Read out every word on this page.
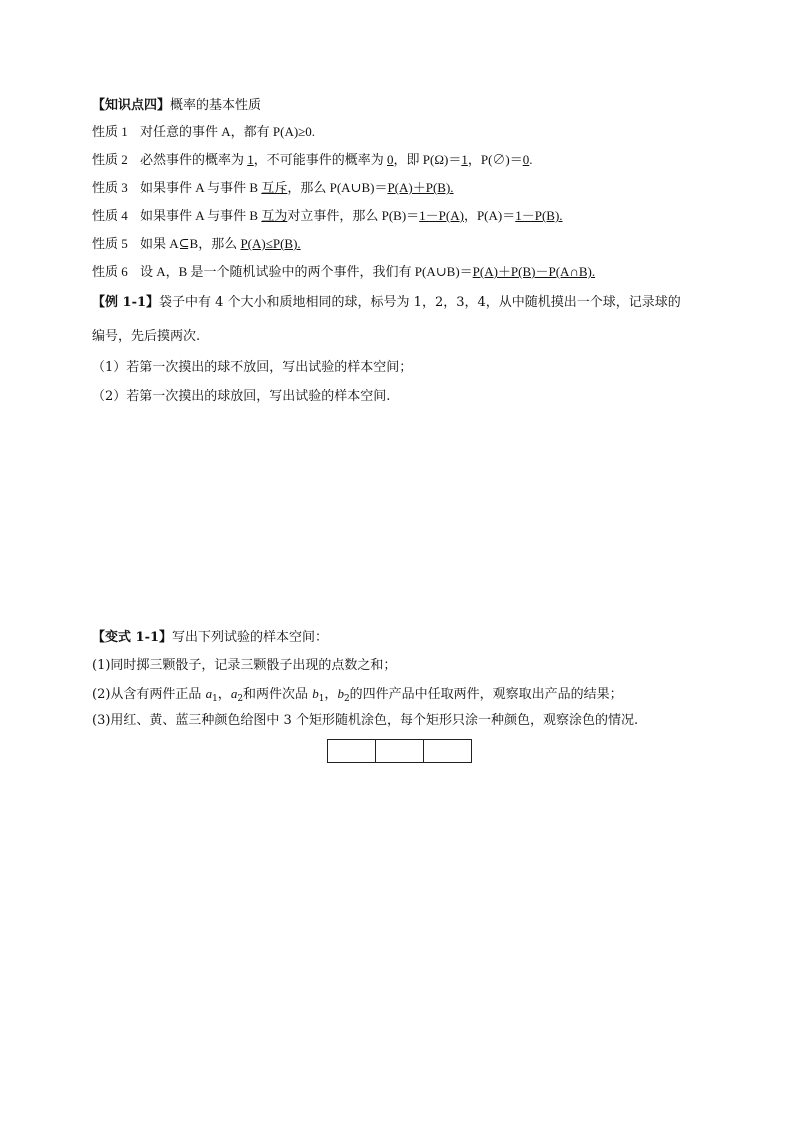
【知识点四】概率的基本性质
性质 1 对任意的事件 A，都有 P(A)≥0.
性质 2 必然事件的概率为 1，不可能事件的概率为 0，即 P(Ω)＝1，P(∅)＝0.
性质 3 如果事件 A 与事件 B 互斥，那么 P(A∪B)＝P(A)＋P(B).
性质 4 如果事件 A 与事件 B 互为对立事件，那么 P(B)＝1－P(A)，P(A)＝1－P(B).
性质 5 如果 A⊆B，那么 P(A)≤P(B).
性质 6 设 A，B 是一个随机试验中的两个事件，我们有 P(A∪B)＝P(A)＋P(B)－P(A∩B).
【例 1-1】袋子中有 4 个大小和质地相同的球，标号为 1，2，3，4，从中随机摸出一个球，记录球的
编号，先后摸两次.
（1）若第一次摸出的球不放回，写出试验的样本空间；
（2）若第一次摸出的球放回，写出试验的样本空间.
【变式 1-1】写出下列试验的样本空间：
(1)同时掷三颗骰子，记录三颗骰子出现的点数之和；
(2)从含有两件正品 $a_1$，$a_2$和两件次品 $b_1$，$b_2$的四件产品中任取两件，观察取出产品的结果；
(3)用红、黄、蓝三种颜色给图中 3 个矩形随机涂色，每个矩形只涂一种颜色，观察涂色的情况.
